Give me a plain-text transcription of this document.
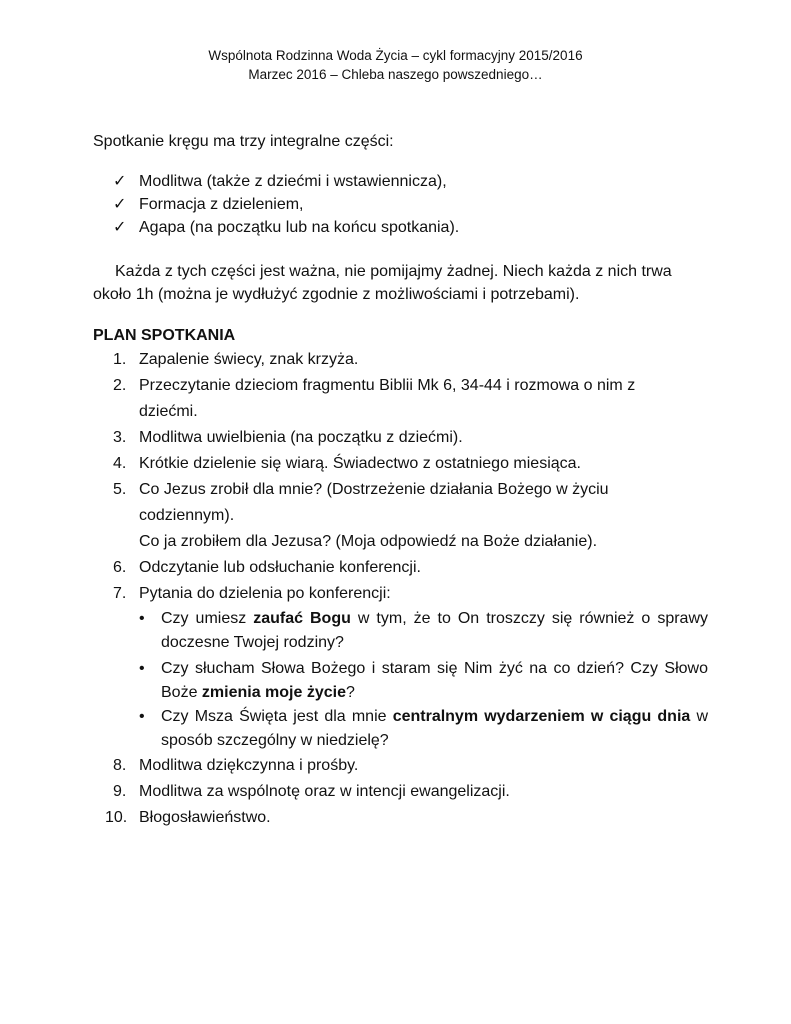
Wspólnota Rodzinna Woda Życia – cykl formacyjny 2015/2016
Marzec 2016 – Chleba naszego powszedniego…
Spotkanie kręgu ma trzy integralne części:
✓ Modlitwa (także z dziećmi i wstawiennicza),
✓ Formacja z dzieleniem,
✓ Agapa (na początku lub na końcu spotkania).

Każda z tych części jest ważna, nie pomijajmy żadnej. Niech każda z nich trwa

około 1h (można je wydłużyć zgodnie z możliwościami i potrzebami).

PLAN SPOTKANIA
1. Zapalenie świecy, znak krzyża.
2. Przeczytanie dzieciom fragmentu Biblii Mk 6, 34-44 i rozmowa o nim z
dziećmi.
3. Modlitwa uwielbienia (na początku z dziećmi).
4. Krótkie dzielenie się wiarą. Świadectwo z ostatniego miesiąca.
5. Co Jezus zrobił dla mnie? (Dostrzeżenie działania Bożego w życiu
codziennym).
Co ja zrobiłem dla Jezusa? (Moja odpowiedź na Boże działanie).
6. Odczytanie lub odsłuchanie konferencji.
7. Pytania do dzielenia po konferencji:
• Czy umiesz zaufać Bogu w tym, że to On troszczy się również o sprawy doczesne Twojej rodziny?
• Czy słucham Słowa Bożego i staram się Nim żyć na co dzień? Czy Słowo Boże zmienia moje życie?
• Czy Msza Święta jest dla mnie centralnym wydarzeniem w ciągu dnia w sposób szczególny w niedzielę?
8. Modlitwa dziękczynna i prośby.
9. Modlitwa za wspólnotę oraz w intencji ewangelizacji.
10. Błogosławieństwo.
